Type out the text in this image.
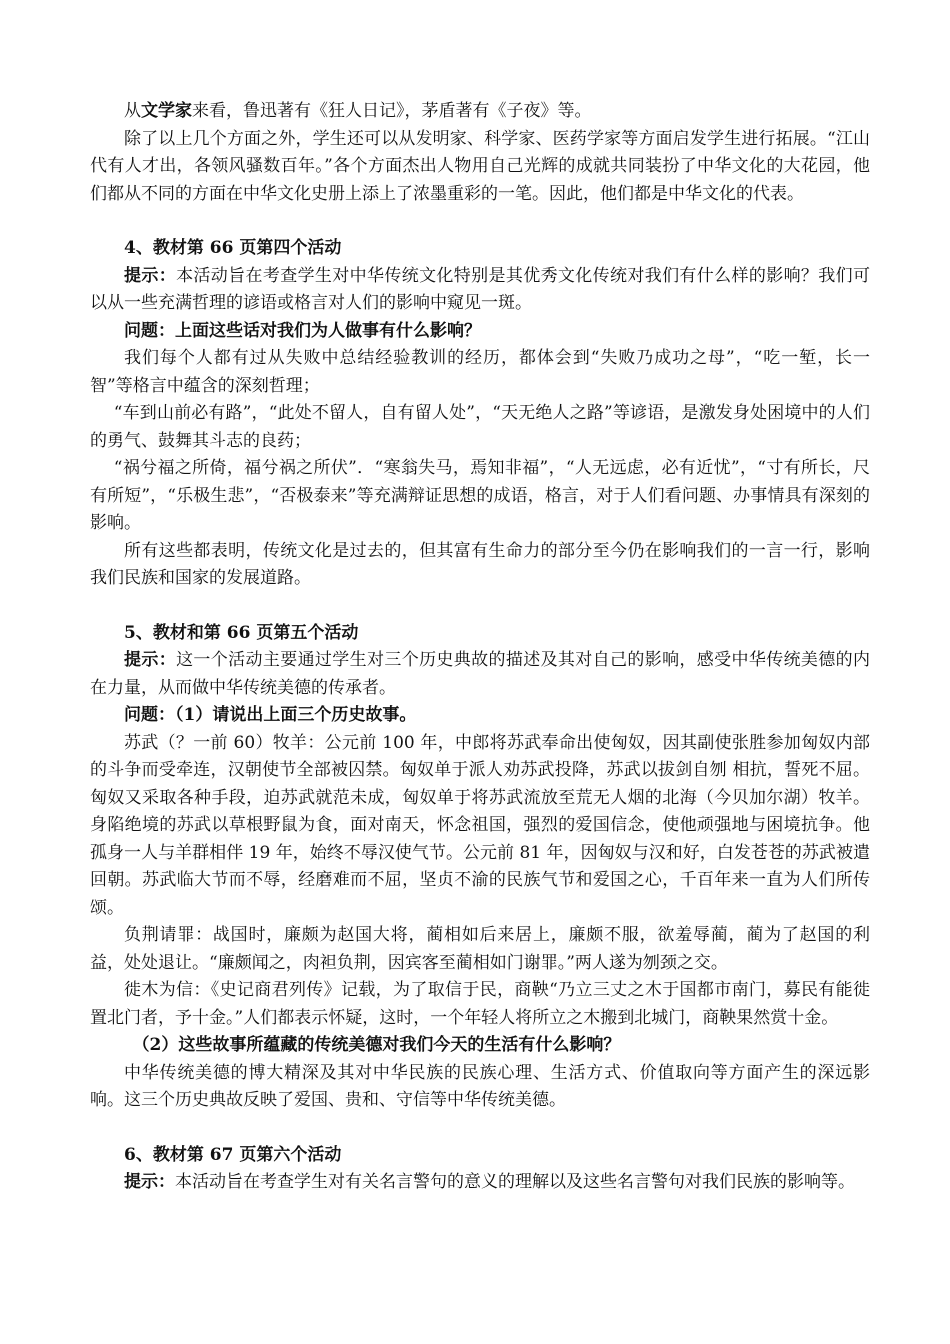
从文学家来看，鲁迅著有《狂人日记》，茅盾著有《子夜》等。

除了以上几个方面之外，学生还可以从发明家、科学家、医药学家等方面启发学生进行拓展。“江山代有人才出，各领风骚数百年。”各个方面杰出人物用自己光辉的成就共同装扮了中华文化的大花园，他们都从不同的方面在中华文化史册上添上了浓墨重彩的一笔。因此，他们都是中华文化的代表。

4、教材第 66 页第四个活动

提示：本活动旨在考查学生对中华传统文化特别是其优秀文化传统对我们有什么样的影响？我们可以从一些充满哲理的谚语或格言对人们的影响中窥见一斑。

问题：上面这些话对我们为人做事有什么影响？

我们每个人都有过从失败中总结经验教训的经历，都体会到“失败乃成功之母”，“吃一堑，长一智”等格言中蕴含的深刻哲理；

“车到山前必有路”，“此处不留人，自有留人处”，“天无绝人之路”等谚语，是激发身处困境中的人们的勇气、鼓舞其斗志的良药；

“祸兮福之所倚，福兮祸之所伏”．“寒翁失马，焉知非福”，“人无远虑，必有近忧”，“寸有所长，尺有所短”，“乐极生悲”，“否极泰来”等充满辩证思想的成语，格言，对于人们看问题、办事情具有深刻的影响。

所有这些都表明，传统文化是过去的，但其富有生命力的部分至今仍在影响我们的一言一行，影响我们民族和国家的发展道路。

5、教材和第 66 页第五个活动

提示：这一个活动主要通过学生对三个历史典故的描述及其对自己的影响，感受中华传统美德的内在力量，从而做中华传统美德的传承者。

问题：（1）请说出上面三个历史故事。

苏武（？一前 60）牧羊：公元前 100 年，中郎将苏武奉命出使匈奴，因其副使张胜参加匈奴内部的斗争而受牵连，汉朝使节全部被囚禁。匈奴单于派人劝苏武投降，苏武以拔剑自刎 相抗，誓死不屈。匈奴又采取各种手段，迫苏武就范未成，匈奴单于将苏武流放至荒无人烟的北海（今贝加尔湖）牧羊。身陷绝境的苏武以草根野鼠为食，面对南天，怀念祖国，强烈的爱国信念，使他顽强地与困境抗争。他孤身一人与羊群相伴 19 年，始终不辱汉使气节。公元前 81 年，因匈奴与汉和好，白发苍苍的苏武被遣回朝。苏武临大节而不辱，经磨难而不屈，坚贞不渝的民族气节和爱国之心，千百年来一直为人们所传颂。

负荆请罪：战国时，廉颇为赵国大将，蔺相如后来居上，廉颇不服，欲羞辱蔺，蔺为了赵国的利益，处处退让。“廉颇闻之，肉袒负荆，因宾客至蔺相如门谢罪。”两人遂为刎颈之交。

徙木为信：《史记商君列传》记载，为了取信于民，商鞅“乃立三丈之木于国都市南门，募民有能徙置北门者，予十金。”人们都表示怀疑，这时，一个年轻人将所立之木搬到北城门，商鞅果然赏十金。

（2）这些故事所蕴藏的传统美德对我们今天的生活有什么影响？

中华传统美德的博大精深及其对中华民族的民族心理、生活方式、价值取向等方面产生的深远影响。这三个历史典故反映了爱国、贵和、守信等中华传统美德。

6、教材第 67 页第六个活动

提示：本活动旨在考查学生对有关名言警句的意义的理解以及这些名言警句对我们民族的影响等。
